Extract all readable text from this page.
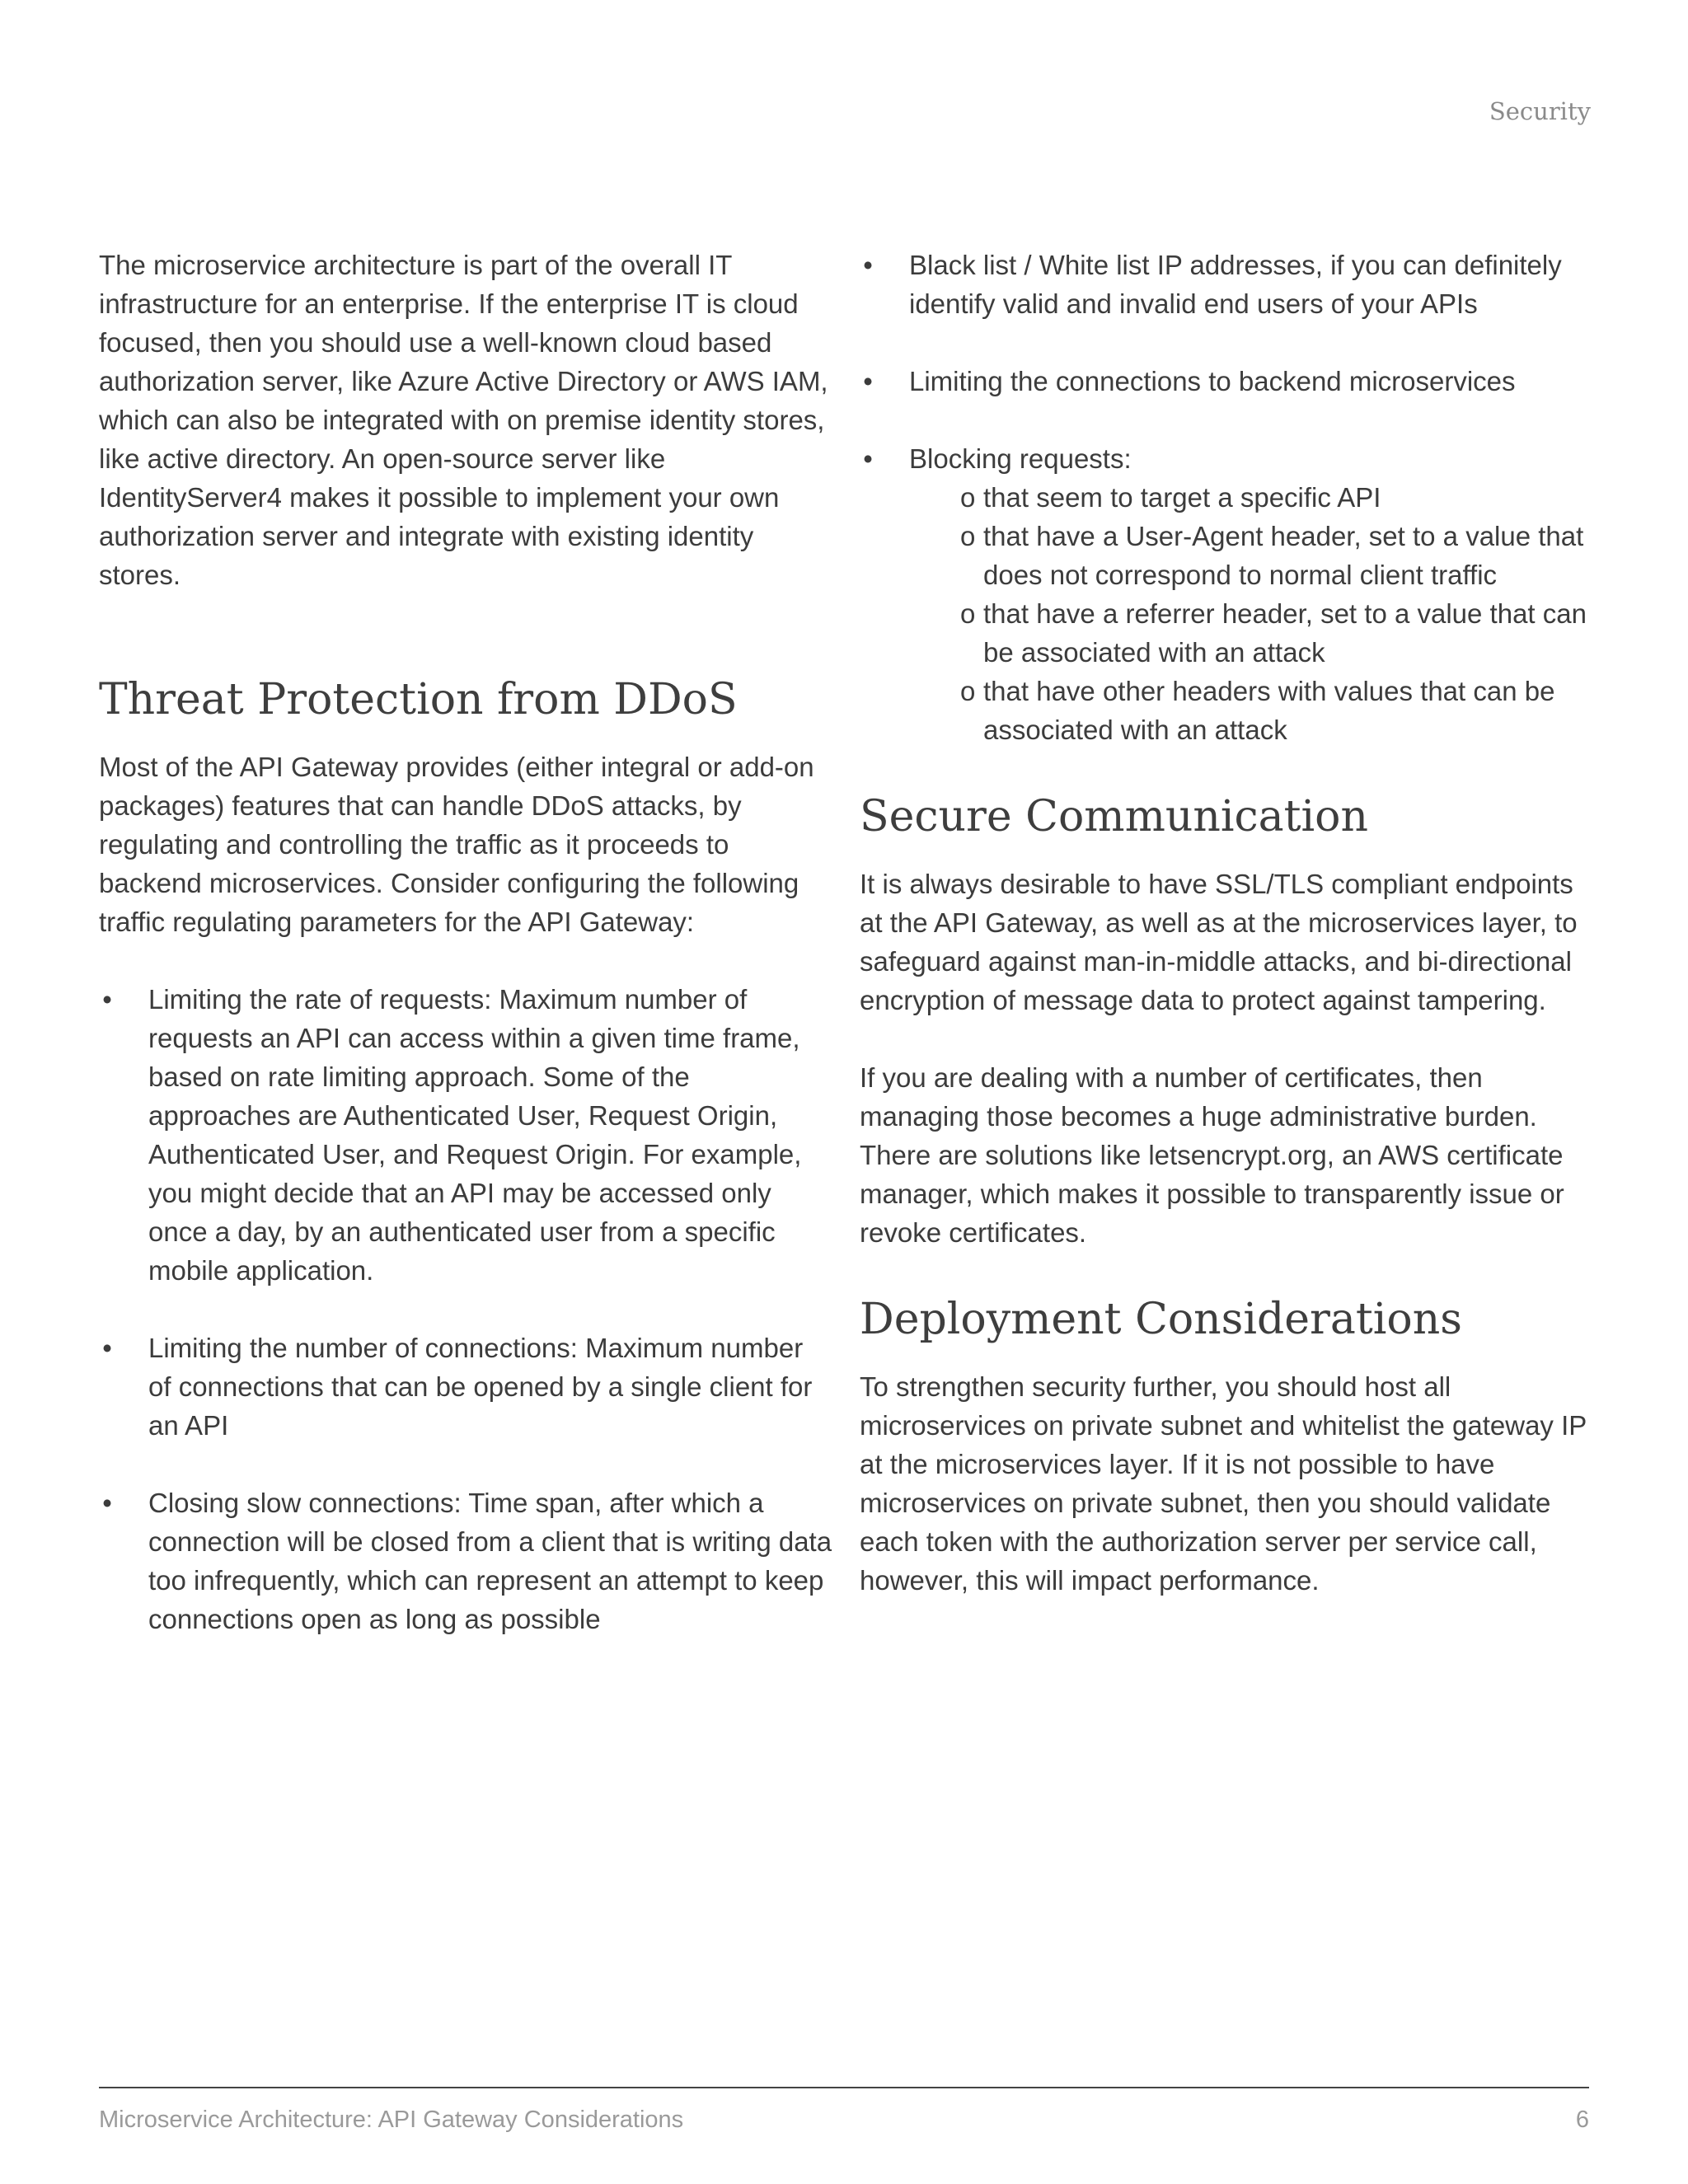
Security

The microservice architecture is part of the overall IT infrastructure for an enterprise. If the enterprise IT is cloud focused, then you should use a well-known cloud based authorization server, like Azure Active Directory or AWS IAM, which can also be integrated with on premise identity stores, like active directory. An open-source server like IdentityServer4 makes it possible to implement your own authorization server and integrate with existing identity stores.

Threat Protection from DDoS

Most of the API Gateway provides (either integral or add-on packages) features that can handle DDoS attacks, by regulating and controlling the traffic as it proceeds to backend microservices. Consider configuring the following traffic regulating parameters for the API Gateway:

• Limiting the rate of requests: Maximum number of requests an API can access within a given time frame, based on rate limiting approach. Some of the approaches are Authenticated User, Request Origin, Authenticated User, and Request Origin. For example, you might decide that an API may be accessed only once a day, by an authenticated user from a specific mobile application.
• Limiting the number of connections: Maximum number of connections that can be opened by a single client for an API
• Closing slow connections: Time span, after which a connection will be closed from a client that is writing data too infrequently, which can represent an attempt to keep connections open as long as possible
• Black list / White list IP addresses, if you can definitely identify valid and invalid end users of your APIs
• Limiting the connections to backend microservices
• Blocking requests:
o that seem to target a specific API
o that have a User-Agent header, set to a value that does not correspond to normal client traffic
o that have a referrer header, set to a value that can be associated with an attack
o that have other headers with values that can be associated with an attack
Secure Communication

It is always desirable to have SSL/TLS compliant endpoints at the API Gateway, as well as at the microservices layer, to safeguard against man-in-middle attacks, and bi-directional encryption of message data to protect against tampering.

If you are dealing with a number of certificates, then managing those becomes a huge administrative burden. There are solutions like letsencrypt.org, an AWS certificate manager, which makes it possible to transparently issue or revoke certificates.

Deployment Considerations

To strengthen security further, you should host all microservices on private subnet and whitelist the gateway IP at the microservices layer. If it is not possible to have microservices on private subnet, then you should validate each token with the authorization server per service call, however, this will impact performance.

Microservice Architecture: API Gateway Considerations	6
